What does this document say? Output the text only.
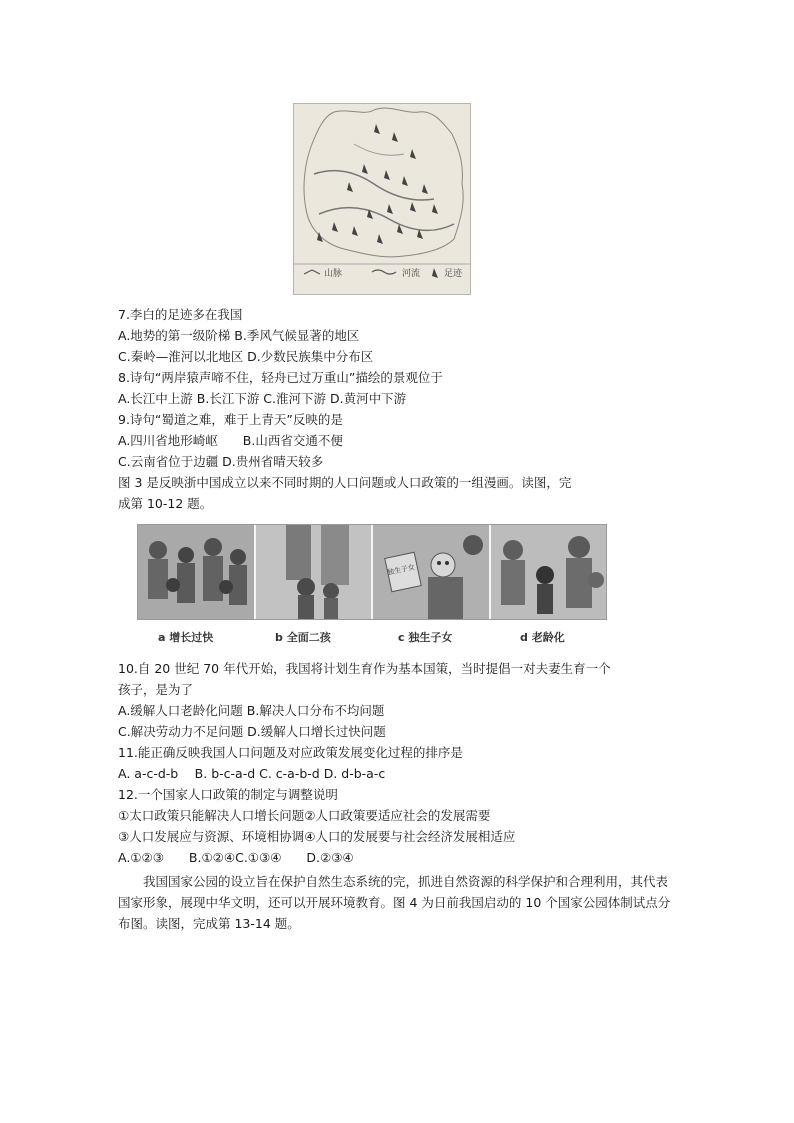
山脉	河流	足迹
7.李白的足迹多在我国
A.地势的第一级阶梯 B.季风气候显著的地区
C.秦岭—淮河以北地区 D.少数民族集中分布区
8.诗句“两岸猿声啼不住，轻舟已过万重山”描绘的景观位于
A.长江中上游 B.长江下游 C.淮河下游 D.黄河中下游
9.诗句“蜀道之难，难于上青天”反映的是
A.四川省地形崎岖　　B.山西省交通不便
C.云南省位于边疆 D.贵州省晴天较多
图 3 是反映浙中国成立以来不同时期的人口问题或人口政策的一组漫画。读图，完
成第 10-12 题。
独生子女
a 增长过快	b 全面二孩	c 独生子女	d 老龄化
10.自 20 世纪 70 年代开始，我国将计划生育作为基本国策，当时提倡一对夫妻生育一个
孩子，是为了
A.缓解人口老龄化问题 B.解决人口分布不均问题
C.解决劳动力不足问题 D.缓解人口增长过快问题
11.能正确反映我国人口问题及对应政策发展变化过程的排序是
A. a-c-d-b　 B. b-c-a-d C. c-a-b-d D. d-b-a-c
12.一个国家人口政策的制定与调整说明
①太口政策只能解决人口增长问题②人口政策要适应社会的发展需要
③人口发展应与资源、环境相协调④人口的发展要与社会经济发展相适应
A.①②③　　B.①②④C.①③④　　D.②③④
　　我国国家公园的设立旨在保护自然生态系统的完，抓进自然资源的科学保护和合理利用，其代表国家形象，展现中华文明，还可以开展环境教育。图 4 为日前我国启动的 10 个国家公园体制试点分布图。读图，完成第 13-14 题。
